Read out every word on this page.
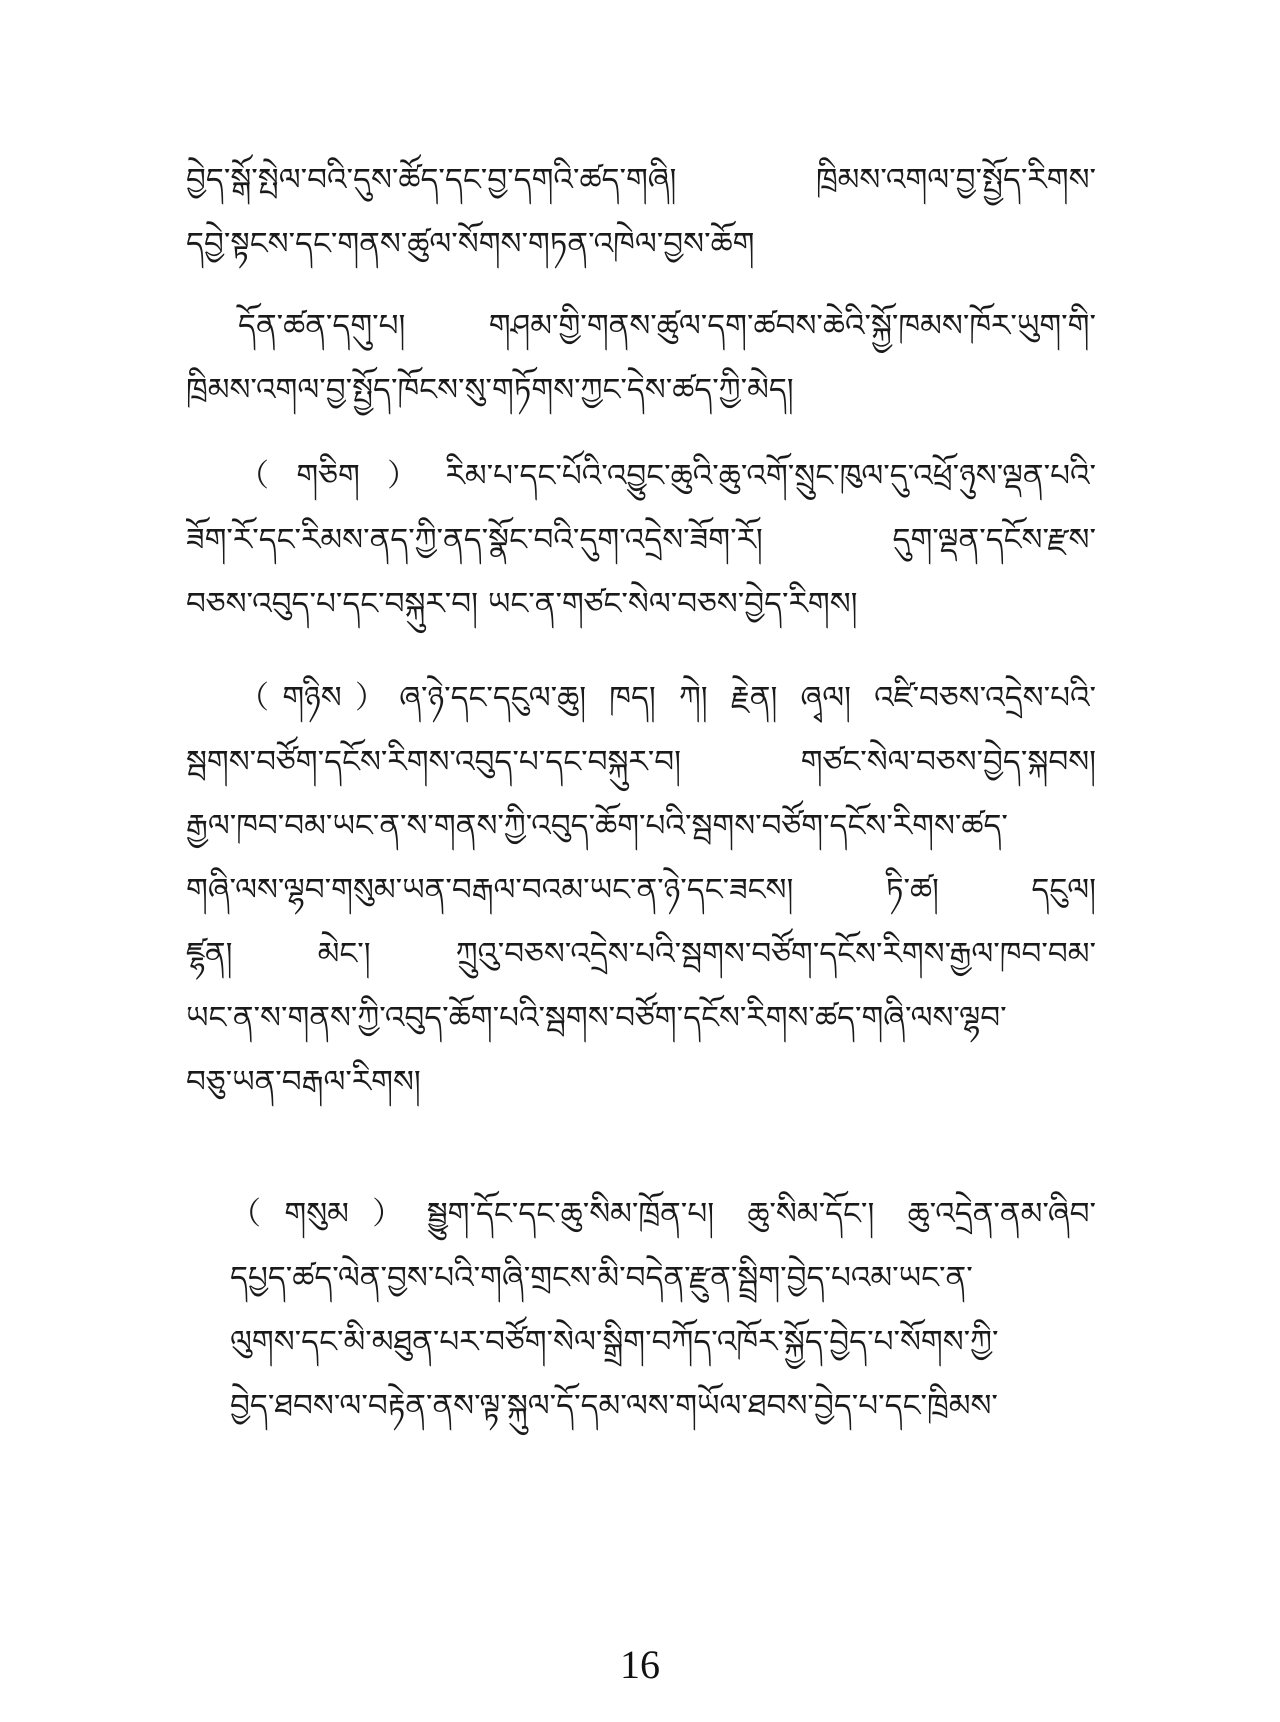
བྱེད་སྒོ་སྤེལ་བའི་དུས་ཚོད་དང་བྱ་དགའི་ཚད་གཞི། ཁྲིམས་འགལ་བྱ་སྤྱོད་རིགས་
དབྱེ་སྟངས་དང་གནས་ཚུལ་སོགས་གཏན་འཁེལ་བྱས་ཆོག

དོན་ཚན་དགུ་པ། གཤམ་གྱི་གནས་ཚུལ་དག་ཚབས་ཆེའི་སྐྱོ་ཁམས་ཁོར་ཡུག་གི་
ཁྲིམས་འགལ་བྱ་སྤྱོད་ཁོངས་སུ་གཏོགས་ཀྱང་དེས་ཚད་ཀྱི་མེད།

（གཅིག）རིམ་པ་དང་པོའི་འབྱུང་ཆུའི་ཆུ་འགོ་སྲུང་ཁུལ་དུ་འཕྲོ་ཉུས་ལྡན་པའི་
ཟོག་རོ་དང་རིམས་ནད་ཀྱི་ནད་སྣོང་བའི་དུག་འདྲེས་ཟོག་རོ། དུག་ལྡན་དངོས་རྫས་
བཅས་འབུད་པ་དང་བསྐུར་བ། ཡང་ན་གཙང་སེལ་བཅས་བྱེད་རིགས།

（གཉིས）ཞ་ཉེ་དང་དངུལ་ཆུ། ཁད། ཀེ། རྗེན། ཞྭལ། འཛི་བཅས་འདྲེས་པའི་
སྦགས་བཙོག་དངོས་རིགས་འབུད་པ་དང་བསྐུར་བ། གཙང་སེལ་བཅས་བྱེད་སྐབས།
རྒྱལ་ཁབ་བམ་ཡང་ན་ས་གནས་ཀྱི་འབུད་ཆོག་པའི་སྦགས་བཙོག་དངོས་རིགས་ཚད་
གཞི་ལས་ལྷབ་གསུམ་ཡན་བརྒལ་བའམ་ཡང་ན་ཉེ་དང་ཟངས། ཏི་ཚ། དངུལ།
ཛྷན། མེང་། ཀྲུའུ་བཅས་འདྲེས་པའི་སྦགས་བཙོག་དངོས་རིགས་རྒྱལ་ཁབ་བམ་
ཡང་ན་ས་གནས་ཀྱི་འབུད་ཆོག་པའི་སྦགས་བཙོག་དངོས་རིགས་ཚད་གཞི་ལས་ལྷབ་
བཅུ་ཡན་བརྒལ་རིགས།

（གསུམ）སྦྱུག་དོང་དང་ཆུ་སིམ་ཁྲོན་པ། ཆུ་སིམ་དོང་། ཆུ་འདྲེན་ནམ་ཞིབ་
དཔྱད་ཚད་ལེན་བྱས་པའི་གཞི་གྲངས་མི་བདེན་རྫུན་སྦྲིག་བྱེད་པའམ་ཡང་ན་
ལུགས་དང་མི་མཐུན་པར་བཙོག་སེལ་སྒྲིག་བཀོད་འཁོར་སྐྱོད་བྱེད་པ་སོགས་ཀྱི་
བྱེད་ཐབས་ལ་བརྟེན་ནས་ལྟ་སྐུལ་དོ་དམ་ལས་གཡོལ་ཐབས་བྱེད་པ་དང་ཁྲིམས་

16
